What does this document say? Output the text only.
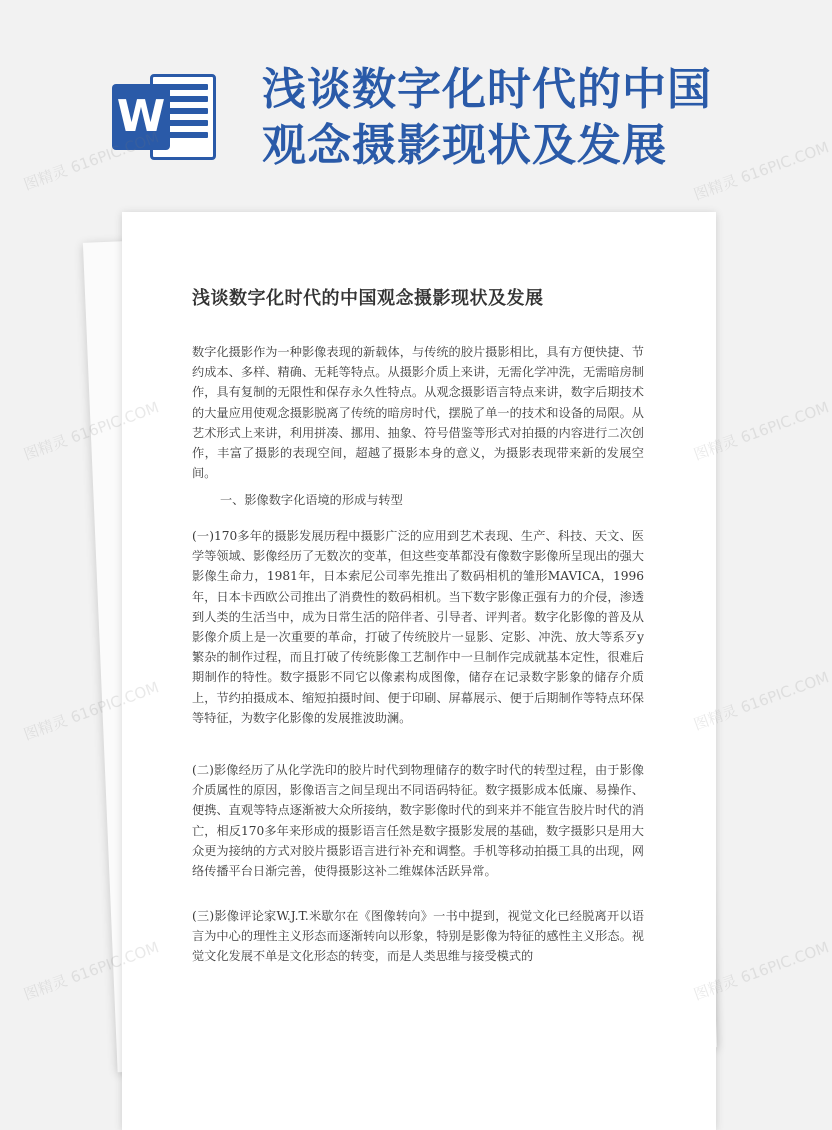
W
浅谈数字化时代的中国
观念摄影现状及发展
浅谈数字化时代的中国观念摄影现状及发展

数字化摄影作为一种影像表现的新载体，与传统的胶片摄影相比，具有方便快捷、节约成本、多样、精确、无耗等特点。从摄影介质上来讲，无需化学冲洗，无需暗房制作，具有复制的无限性和保存永久性特点。从观念摄影语言特点来讲，数字后期技术的大量应用使观念摄影脱离了传统的暗房时代，摆脱了单一的技术和设备的局限。从艺术形式上来讲，利用拼凑、挪用、抽象、符号借鉴等形式对拍摄的内容进行二次创作，丰富了摄影的表现空间，超越了摄影本身的意义，为摄影表现带来新的发展空间。

一、影像数字化语境的形成与转型

(一)170多年的摄影发展历程中摄影广泛的应用到艺术表现、生产、科技、天文、医学等领域、影像经历了无数次的变革，但这些变革都没有像数字影像所呈现出的强大影像生命力，1981年，日本索尼公司率先推出了数码相机的雏形MAVICA，1996年，日本卡西欧公司推出了消费性的数码相机。当下数字影像正强有力的介侵，渗透到人类的生活当中，成为日常生活的陪伴者、引导者、评判者。数字化影像的普及从影像介质上是一次重要的革命，打破了传统胶片一显影、定影、冲洗、放大等系歹y繁杂的制作过程，而且打破了传统影像工艺制作中一旦制作完成就基本定性，很难后期制作的特性。数字摄影不同它以像素构成图像，储存在记录数字影象的储存介质上，节约拍摄成本、缩短拍摄时间、便于印刷、屏幕展示、便于后期制作等特点环保等特征，为数字化影像的发展推波助澜。

(二)影像经历了从化学洗印的胶片时代到物理储存的数字时代的转型过程，由于影像介质属性的原因，影像语言之间呈现出不同语码特征。数字摄影成本低廉、易操作、便携、直观等特点逐渐被大众所接纳，数字影像时代的到来并不能宣告胶片时代的消亡，相反170多年来形成的摄影语言任然是数字摄影发展的基础，数字摄影只是用大众更为接纳的方式对胶片摄影语言进行补充和调整。手机等移动拍摄工具的出现，网络传播平台日渐完善，使得摄影这补二维媒体活跃异常。

(三)影像评论家W.J.T.米歇尔在《图像转向》一书中提到，视觉文化已经脱离开以语言为中心的理性主义形态而逐渐转向以形象，特别是影像为特征的感性主义形态。视觉文化发展不单是文化形态的转变，而是人类思维与接受模式的

图精灵 616PIC.COM	图精灵 616PIC.COM
图精灵	图精灵 616PIC.COM
图精灵 616PIC.COM	图精灵 616PIC.COM
图精灵 616PIC.COM	图精灵 616PIC.COM
